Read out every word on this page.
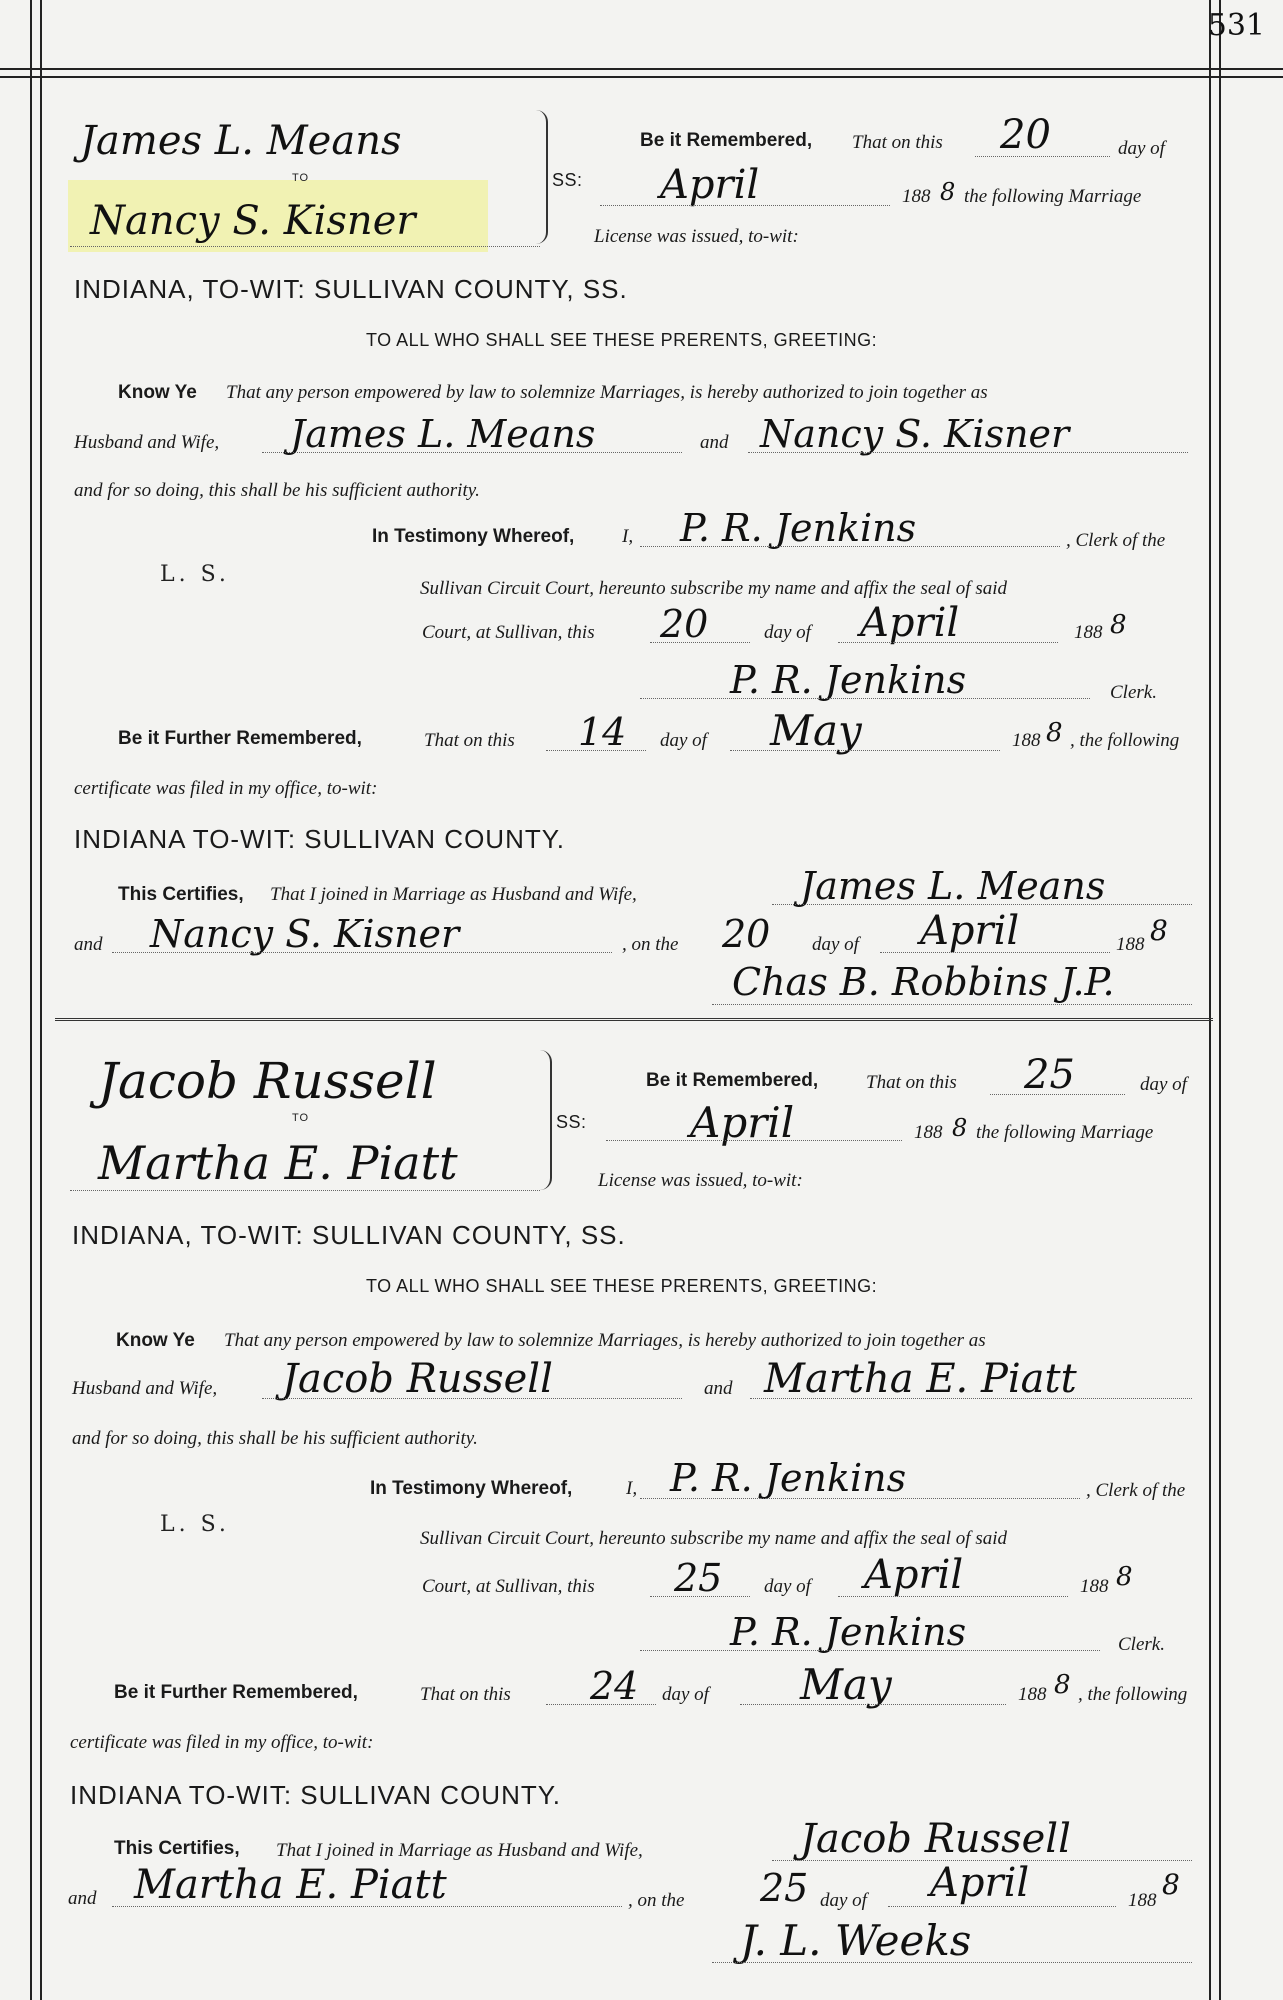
531
James L. Means
TO
Nancy S. Kisner
SS:
Be it Remembered, That on this 20	day of
April	188 8 the following Marriage
License was issued, to-wit:
INDIANA, TO-WIT: SULLIVAN COUNTY, SS.
TO ALL WHO SHALL SEE THESE PRERENTS, GREETING:
Know Ye That any person empowered by law to solemnize Marriages, is hereby authorized to join together as
Husband and Wife, James L. Means	and Nancy S. Kisner
and for so doing, this shall be his sufficient authority.
In Testimony Whereof,	I, P. R. Jenkins	, Clerk of the
L. S.
Sullivan Circuit Court, hereunto subscribe my name and affix the seal of said
Court, at Sullivan, this 20	day of April	188 8
P. R. Jenkins	Clerk.
Be it Further Remembered,	That on this 14 day of May	188 8 , the following
certificate was filed in my office, to-wit:
INDIANA TO-WIT: SULLIVAN COUNTY.
This Certifies, That I joined in Marriage as Husband and Wife,	James L. Means
and Nancy S. Kisner	, on the 20 day of April	188 8
Chas B. Robbins J.P.
Jacob Russell
TO
Martha E. Piatt
SS:
Be it Remembered,	That on this 25	day of
April	188 8 the following Marriage
License was issued, to-wit:
INDIANA, TO-WIT: SULLIVAN COUNTY, SS.
TO ALL WHO SHALL SEE THESE PRERENTS, GREETING:
Know Ye That any person empowered by law to solemnize Marriages, is hereby authorized to join together as
Husband and Wife, Jacob Russell	and Martha E. Piatt
and for so doing, this shall be his sufficient authority.
In Testimony Whereof,	I, P. R. Jenkins	, Clerk of the
L. S.
Sullivan Circuit Court, hereunto subscribe my name and affix the seal of said
Court, at Sullivan, this 25 day of April	188 8
P. R. Jenkins	Clerk.
Be it Further Remembered,	That on this 24 day of May	188 8 , the following
certificate was filed in my office, to-wit:
INDIANA TO-WIT: SULLIVAN COUNTY.
This Certifies, That I joined in Marriage as Husband and Wife,	Jacob Russell
and Martha E. Piatt	, on the 25 day of April	188 8
J. L. Weeks
